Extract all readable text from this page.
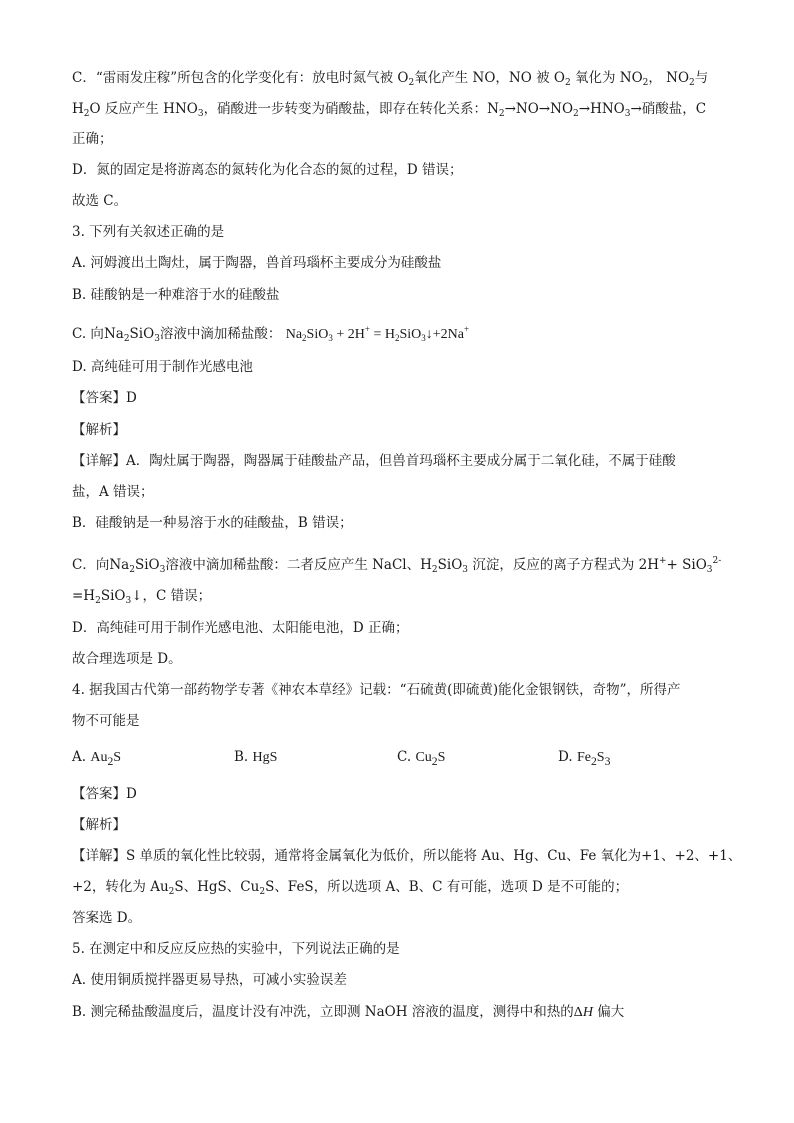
C．“雷雨发庄稼”所包含的化学变化有：放电时氮气被 $O_2$氧化产生 NO，NO 被 $O_2$ 氧化为 $NO_2$， $NO_2$与
$H_2O$ 反应产生 $HNO_3$，硝酸进一步转变为硝酸盐，即存在转化关系：$N_2\to NO\to NO_2\to HNO_3\to$硝酸盐，C
正确；
D．氮的固定是将游离态的氮转化为化合态的氮的过程，D 错误；
故选 C。
3. 下列有关叙述正确的是
A. 河姆渡出土陶灶，属于陶器，兽首玛瑙杯主要成分为硅酸盐
B. 硅酸钠是一种难溶于水的硅酸盐
C. 向$Na_2SiO_3$溶液中滴加稀盐酸： $Na_2SiO_3 + 2H^+$ = $H_2SiO_3↓+2Na^+$
D. 高纯硅可用于制作光感电池
【答案】D
【解析】
【详解】A．陶灶属于陶器，陶器属于硅酸盐产品，但兽首玛瑙杯主要成分属于二氧化硅，不属于硅酸
盐，A 错误；
B．硅酸钠是一种易溶于水的硅酸盐，B 错误；
C．向$Na_2SiO_3$溶液中滴加稀盐酸：二者反应产生 NaCl、$H_2SiO_3$ 沉淀，反应的离子方程式为 2H++ SiO$_3^{2-}$
$=H_2SiO_3↓$，C 错误；
D．高纯硅可用于制作光感电池、太阳能电池，D 正确；
故合理选项是 D。
4. 据我国古代第一部药物学专著《神农本草经》记载：“石硫黄(即硫黄)能化金银钢铁，奇物”，所得产
物不可能是
A. $Au_2S$	B. HgS	C. $Cu_2S$	D. $Fe_2S_3$
【答案】D
【解析】
【详解】S 单质的氧化性比较弱，通常将金属氧化为低价，所以能将 Au、Hg、Cu、Fe 氧化为+1、+2、+1、
+2，转化为 $Au_2S$、HgS、$Cu_2S$、FeS，所以选项 A、B、C 有可能，选项 D 是不可能的；
答案选 D。
5. 在测定中和反应反应热的实验中，下列说法正确的是
A. 使用铜质搅拌器更易导热，可减小实验误差
B. 测完稀盐酸温度后，温度计没有冲洗，立即测 NaOH 溶液的温度，测得中和热的ΔH 偏大
